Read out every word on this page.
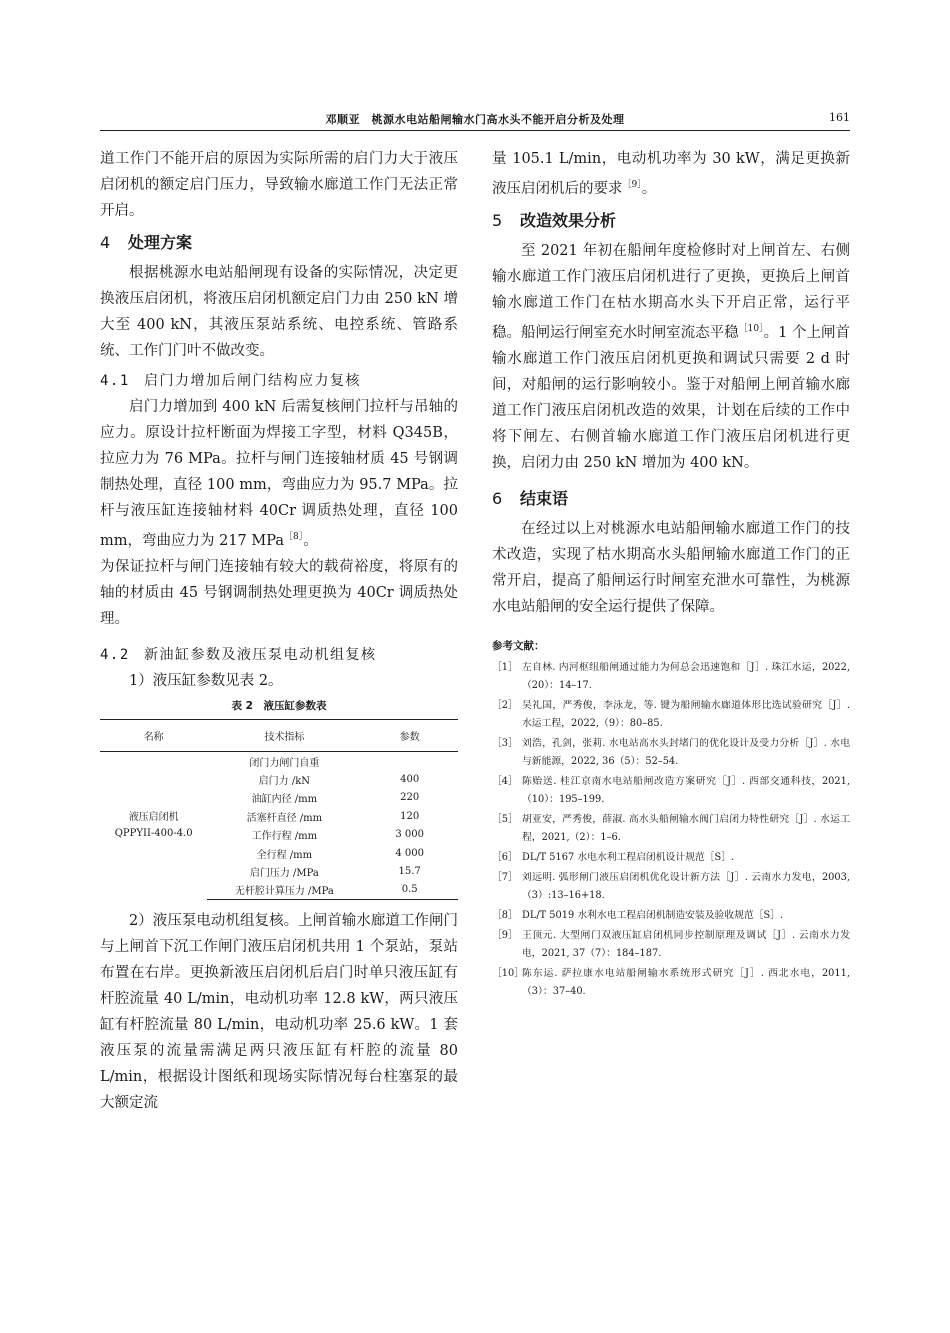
邓顺亚　桃源水电站船闸输水门高水头不能开启分析及处理	161

道工作门不能开启的原因为实际所需的启门力大于液压启闭机的额定启门压力，导致输水廊道工作门无法正常开启。

4 处理方案

根据桃源水电站船闸现有设备的实际情况，决定更换液压启闭机，将液压启闭机额定启门力由 250 kN 增大至 400 kN，其液压泵站系统、电控系统、管路系统、工作门门叶不做改变。

4.1 启门力增加后闸门结构应力复核

启门力增加到 400 kN 后需复核闸门拉杆与吊轴的应力。原设计拉杆断面为焊接工字型，材料 Q345B，拉应力为 76 MPa。拉杆与闸门连接轴材质 45 号钢调制热处理，直径 100 mm，弯曲应力为 95.7 MPa。拉杆与液压缸连接轴材料 40Cr 调质热处理，直径 100 mm，弯曲应力为 217 MPa$^{[8]}$。

为保证拉杆与闸门连接轴有较大的载荷裕度，将原有的轴的材质由 45 号钢调制热处理更换为 40Cr 调质热处理。

4.2 新油缸参数及液压泵电动机组复核

1）液压缸参数见表 2。

表 2　液压缸参数表
名称	技术指标	参数

液压启闭机
QPPYII-400-4.0	闭门力闸门自重	
	启门力 /kN	400
	油缸内径 /mm	220
	活塞杆直径 /mm	120
	工作行程 /mm	3 000
	全行程 /mm	4 000
	启门压力 /MPa	15.7
	无杆腔计算压力 /MPa	0.5

2）液压泵电动机组复核。上闸首输水廊道工作闸门与上闸首下沉工作闸门液压启闭机共用 1 个泵站，泵站布置在右岸。更换新液压启闭机后启门时单只液压缸有杆腔流量 40 L/min，电动机功率 12.8 kW，两只液压缸有杆腔流量 80 L/min，电动机功率 25.6 kW。1 套液压泵的流量需满足两只液压缸有杆腔的流量 80 L/min，根据设计图纸和现场实际情况每台柱塞泵的最大额定流

量 105.1 L/min，电动机功率为 30 kW，满足更换新液压启闭机后的要求$^{[9]}$。

5 改造效果分析

至 2021 年初在船闸年度检修时对上闸首左、右侧输水廊道工作门液压启闭机进行了更换，更换后上闸首输水廊道工作门在枯水期高水头下开启正常，运行平稳。船闸运行闸室充水时闸室流态平稳$^{[10]}$。1 个上闸首输水廊道工作门液压启闭机更换和调试只需要 2 d 时间，对船闸的运行影响较小。鉴于对船闸上闸首输水廊道工作门液压启闭机改造的效果，计划在后续的工作中将下闸左、右侧首输水廊道工作门液压启闭机进行更换，启闭力由 250 kN 增加为 400 kN。

6 结束语

在经过以上对桃源水电站船闸输水廊道工作门的技术改造，实现了枯水期高水头船闸输水廊道工作门的正常开启，提高了船闸运行时闸室充泄水可靠性，为桃源水电站船闸的安全运行提供了保障。

参考文献：
［1］ 左自林. 内河枢纽船闸通过能力为何总会迅速饱和［J］. 珠江水运，2022,（20）：14–17.
［2］ 吴礼国，严秀俊，李泳龙，等. 键为船闸输水廊道体形比选试验研究［J］. 水运工程，2022,（9）：80–85.
［3］ 刘浩，孔剑，张莉. 水电站高水头封堵门的优化设计及受力分析［J］. 水电与新能源，2022, 36（5）：52–54.
［4］ 陈贻送. 桂江京南水电站船闸改造方案研究［J］. 西部交通科技，2021,（10）：195–199.
［5］ 胡亚安，严秀俊，薛淑. 高水头船闸输水阀门启闭力特性研究［J］. 水运工程，2021,（2）：1–6.
［6］ DL/T 5167 水电水利工程启闭机设计规范［S］.
［7］ 刘远明. 弧形闸门液压启闭机优化设计新方法［J］. 云南水力发电，2003,（3）:13–16+18.
［8］ DL/T 5019 水利水电工程启闭机制造安装及验收规范［S］.
［9］ 王顶元. 大型闸门双液压缸启闭机同步控制原理及调试［J］. 云南水力发电，2021, 37（7）：184–187.
［10］
陈东运. 萨拉康水电站船闸输水系统形式研究［J］. 西北水电，2011,（3）：37–40.
